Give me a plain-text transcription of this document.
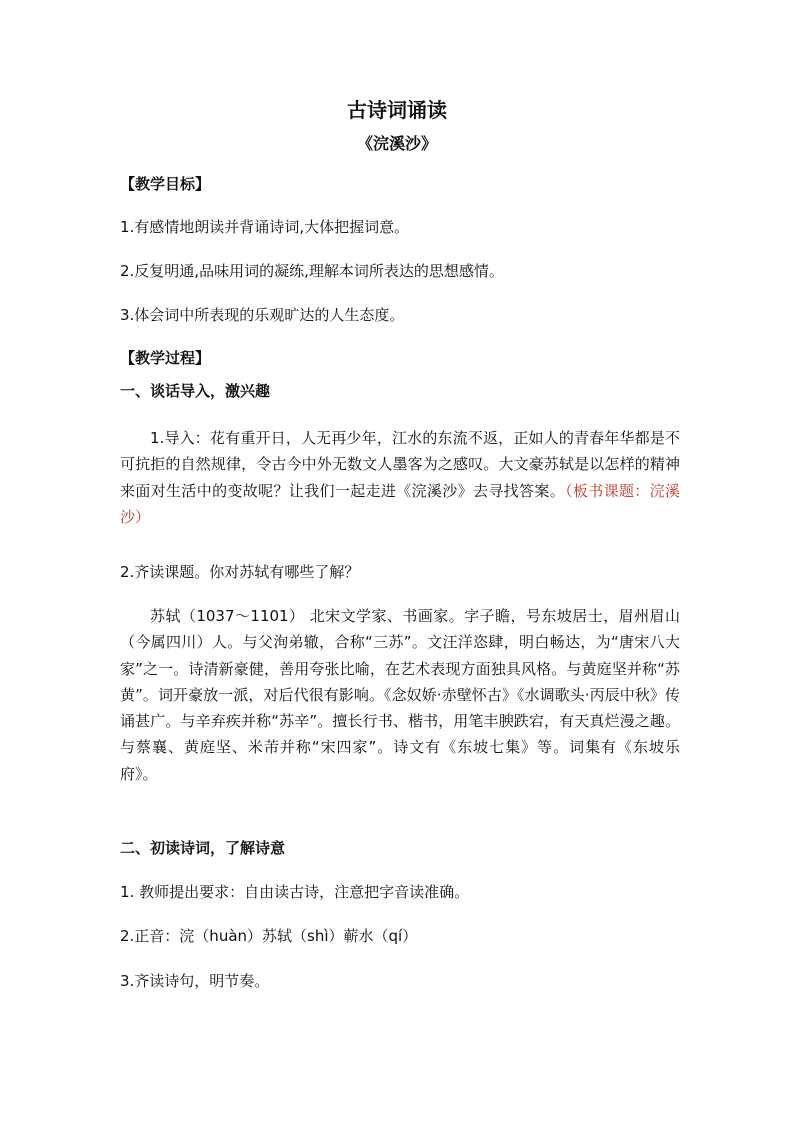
古诗词诵读
《浣溪沙》
【教学目标】
1.有感情地朗读并背诵诗词,大体把握词意。
2.反复明通,品味用词的凝练,理解本词所表达的思想感情。
3.体会词中所表现的乐观旷达的人生态度。
【教学过程】
一、谈话导入，激兴趣
1.导入：花有重开日，人无再少年，江水的东流不返，正如人的青春年华都是不可抗拒的自然规律，令古今中外无数文人墨客为之感叹。大文豪苏轼是以怎样的精神来面对生活中的变故呢？让我们一起走进《浣溪沙》去寻找答案。（板书课题：浣溪沙）
2.齐读课题。你对苏轼有哪些了解？
苏轼（1037～1101） 北宋文学家、书画家。字子瞻，号东坡居士，眉州眉山（今属四川）人。与父洵弟辙，合称“三苏”。文汪洋恣肆，明白畅达，为“唐宋八大家”之一。诗清新豪健，善用夸张比喻，在艺术表现方面独具风格。与黄庭坚并称“苏黄”。词开豪放一派，对后代很有影响。《念奴娇·赤壁怀古》《水调歌头·丙辰中秋》传诵甚广。与辛弃疾并称“苏辛”。擅长行书、楷书，用笔丰腴跌宕，有天真烂漫之趣。与蔡襄、黄庭坚、米芾并称“宋四家”。诗文有《东坡七集》等。词集有《东坡乐府》。
二、初读诗词，了解诗意
1. 教师提出要求：自由读古诗，注意把字音读准确。
2.正音：浣（huàn）苏轼（shì）蕲水（qí）
3.齐读诗句，明节奏。
